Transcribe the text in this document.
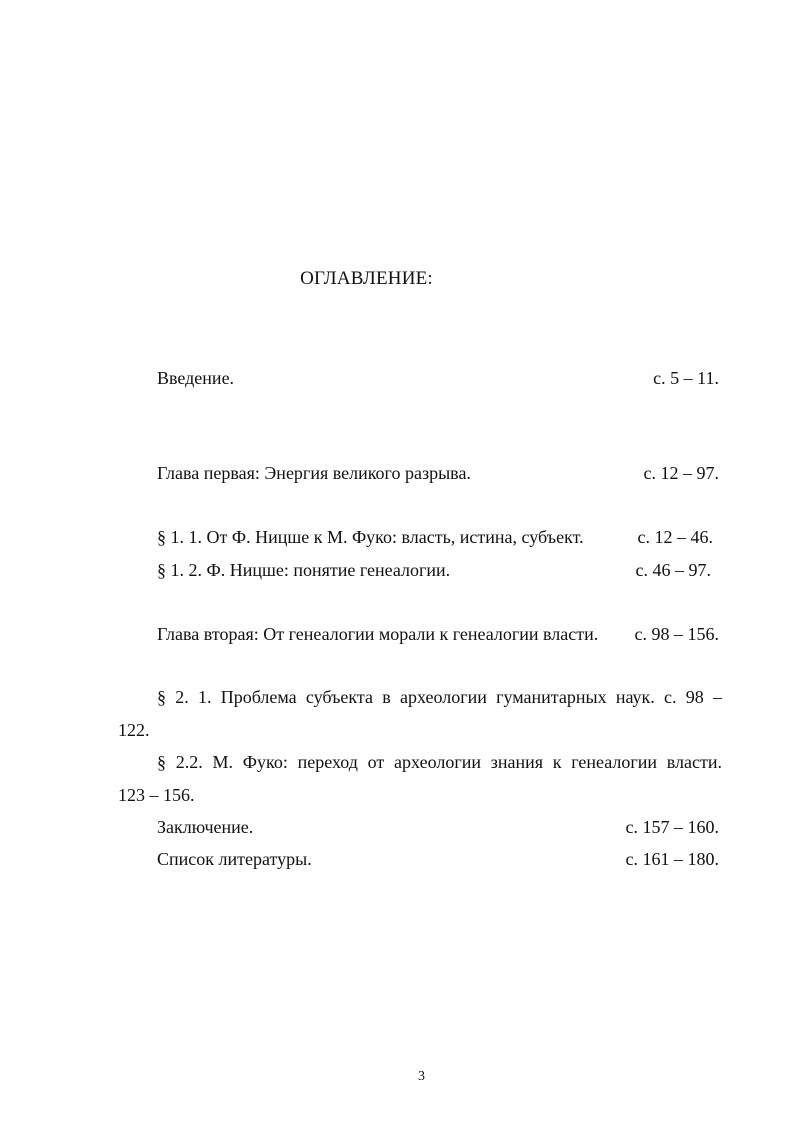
ОГЛАВЛЕНИЕ:
Введение.	с. 5 – 11.
Глава первая: Энергия великого разрыва.	с. 12 – 97.
§ 1. 1. От Ф. Ницше к М. Фуко: власть, истина, субъект.	с. 12 – 46.
§ 1. 2. Ф. Ницше: понятие генеалогии.	с. 46 – 97.
Глава вторая: От генеалогии морали к генеалогии власти. с. 98 – 156.
§ 2. 1. Проблема субъекта в археологии гуманитарных наук. с. 98 –
122.
§ 2.2. М. Фуко: переход от археологии знания к генеалогии власти.
123 – 156.
Заключение.	с. 157 – 160.
Список литературы.	с. 161 – 180.
3
